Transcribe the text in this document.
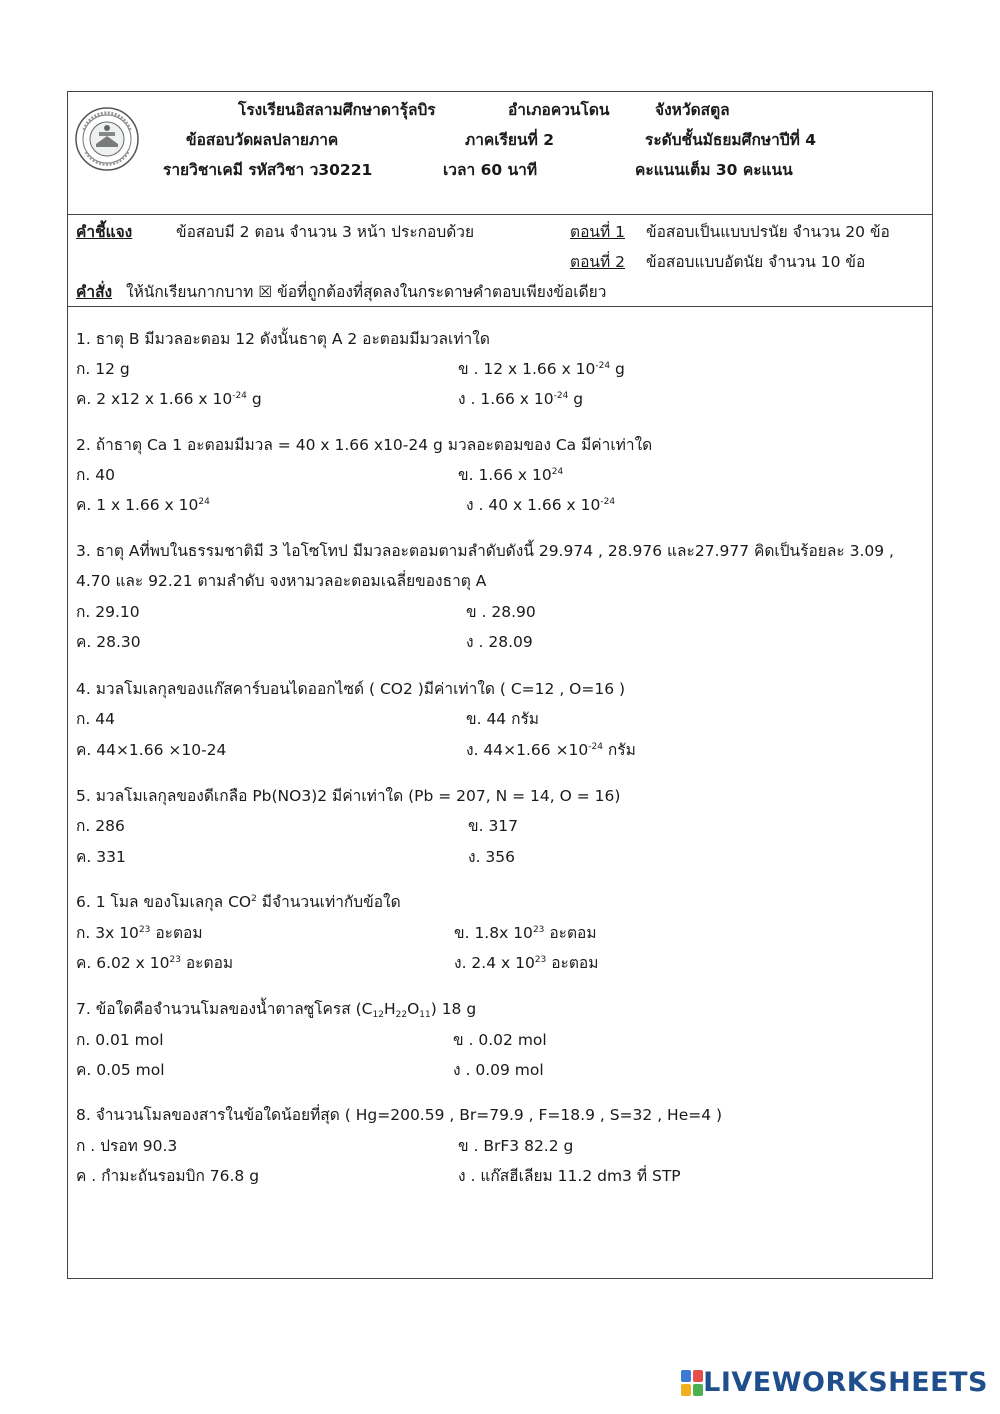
โรงเรียนอิสลามศึกษาดารุ้ลบิร	อำเภอควนโดน	จังหวัดสตูล
ข้อสอบวัดผลปลายภาค	ภาคเรียนที่ 2	ระดับชั้นมัธยมศึกษาปีที่ 4
รายวิชาเคมี รหัสวิชา ว30221	เวลา 60 นาที	คะแนนเต็ม 30 คะแนน
คำชี้แจง	ข้อสอบมี 2 ตอน จำนวน 3 หน้า ประกอบด้วย	ตอนที่ 1 ข้อสอบเป็นแบบปรนัย จำนวน 20 ข้อ
ตอนที่ 2 ข้อสอบแบบอัตนัย จำนวน 10 ข้อ
คำสั่ง ให้นักเรียนกากบาท ☒ ข้อที่ถูกต้องที่สุดลงในกระดาษคำตอบเพียงข้อเดียว
1. ธาตุ B มีมวลอะตอม 12 ดังนั้นธาตุ A 2 อะตอมมีมวลเท่าใด
ก. 12 g	ข . 12 x 1.66 x $10^{-24}$ g
ค. 2 x12 x 1.66 x $10^{-24}$ g	ง . 1.66 x $10^{-24}$ g
2. ถ้าธาตุ Ca 1 อะตอมมีมวล = 40 x 1.66 x10-24 g มวลอะตอมของ Ca มีค่าเท่าใด
ก. 40	ข. 1.66 x $10^{24}$
ค. 1 x 1.66 x $10^{24}$	ง . 40 x 1.66 x $10^{-24}$
3. ธาตุ Aที่พบในธรรมชาติมี 3 ไอโซโทป มีมวลอะตอมตามลำดับดังนี้ 29.974 , 28.976 และ27.977 คิดเป็นร้อยละ 3.09 ,
4.70 และ 92.21 ตามลำดับ จงหามวลอะตอมเฉลี่ยของธาตุ A
ก. 29.10	ข . 28.90
ค. 28.30	ง . 28.09
4. มวลโมเลกุลของแก๊สคาร์บอนไดออกไซด์ ( CO2 )มีค่าเท่าใด ( C=12 , O=16 )
ก. 44	ข. 44 กรัม
ค. 44×1.66 ×10-24	ง. $44\times 1.66 \times 10^{-24}$ กรัม
5. มวลโมเลกุลของดีเกลือ Pb(NO3)2 มีค่าเท่าใด (Pb = 207, N = 14, O = 16)
ก. 286	ข. 317
ค. 331	ง. 356
6. 1 โมล ของโมเลกุล $CO^2$ มีจำนวนเท่ากับข้อใด
ก. 3x $10^{23}$ อะตอม	ข. 1.8x $10^{23}$ อะตอม
ค. 6.02 x $10^{23}$ อะตอม	ง. 2.4 x $10^{23}$ อะตอม
7. ข้อใดคือจำนวนโมลของน้ำตาลซูโครส $(C_{12}H_{22}O_{11})$ 18 g
ก. 0.01 mol	ข . 0.02 mol
ค. 0.05 mol	ง . 0.09 mol
8. จำนวนโมลของสารในข้อใดน้อยที่สุด ( Hg=200.59 , Br=79.9 , F=18.9 , S=32 , He=4 )
ก . ปรอท 90.3	ข . BrF3 82.2 g
ค . กำมะถันรอมบิก 76.8 g	ง . แก๊สฮีเลียม 11.2 dm3 ที่ STP
LIVEWORKSHEETS
